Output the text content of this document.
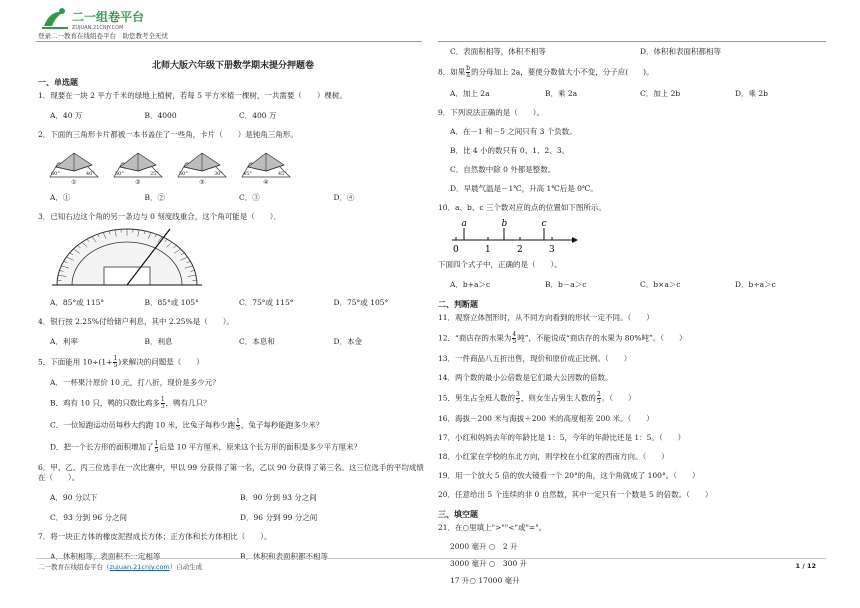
二一组卷平台
ZUJUAN.21CNJY.COM
登录二一教育在线组卷平台　助您教考全无忧
北师大版六年级下册数学期末提分押题卷
一、单选题
1．现要在一块 2 平方千米的绿地上植树，若每 5 平方米植一棵树，一共需要（　　）棵树。
A．40 万	B．4000	C．400 万
2．下面的三角形卡片都被一本书盖住了一些角，卡片（　　）是钝角三角形。
60°	40°
①
50°	25°
②
50°	30°
③
45°	45°
④
A．①	B．②	C．③	D．④
3．已知右边这个角的另一条边与 0 刻度线重合，这个角可能是（　　）．
A．85°或 115°	B．85°或 105°	C．75°或 115°	D．75°或 105°
4．银行按 2.25%付给储户利息，其中 2.25%是（　　）。
A．利率	B．利息	C．本息和	D．本金
5．下面能用 $10\div(1+ \frac{1}{5}$ )来解决的问题是（　　）
A．一杯果汁原价 10 元，打八折，现价是多少元？
B．鸡有 10 只，鸭的只数比鸡多 $\frac{1}{5}$ ，鸭有几只？
C．一位短跑运动员每秒大约跑 10 米，比兔子每秒少跑 $\frac{1}{5}$ ，兔子每秒能跑多少米？
D．把一个长方形的面积增加了 $\frac{1}{5}$ 后是 10 平方厘米，原来这个长方形的面积是多少平方厘米？
6．甲、乙、丙三位选手在一次比赛中，甲以 99 分获得了第一名，乙以 90 分获得了第三名。这三位选手的平均成绩在（　　）。
A．90 分以下	B．90 分到 93 分之间
C．93 分到 96 分之间	D．96 分到 99 分之间
7．将一块正方体的橡皮泥捏成长方体；正方体和长方体相比（　　）。
A．体积相等，表面积不一定相等	B．体积和表面积都不相等
C．表面积相等，体积不相等	D．体积和表面积都相等
8．如果 $\frac{b}{a}$ 的分母加上 2a，要使分数值大小不变，分子应(　　)。
A．加上 2a	B．乘 2a	C．加上 2b	D．乘 2b
9．下列说法正确的是（　　）。
A．在－1 和－5 之间只有 3 个负数。
B．比 4 小的数只有 0、1、2、3。
C．自然数中除 0 外都是整数。
D．早晨气温是－1℃，升高 1℃后是 0℃。
10．a、b、c 三个数对应的点的位置如下图所示。
0	1	2	3
a	b	c
下面四个式子中，正确的是（　　）。
A．b+a＞c	B．b－a＞c	C．b×a＞c	D．b÷a＞c
二、判断题
11．观察立体图形时，从不同方向看到的形状一定不同。（　　）
12．“商店存的水果为 $\frac{4}{5}$ 吨”，不能说成“商店存的水果为 80%吨”。（　　）
13．一件商品八五折出售，现价和原价成正比例。（　　）
14．两个数的最小公倍数是它们最大公因数的倍数。
15．男生占全班人数的 $\frac{3}{5}$ ，则女生占男生人数的 $\frac{2}{5}$ 。（　　）
16．海拔－200 米与海拔＋200 米的高度相差 200 米。（　　）
17．小红和妈妈去年的年龄比是 1：5，今年的年龄比还是 1：5。（　　）
18．小红家在学校的东北方向，则学校在小红家的西南方向。（　　）
19．用一个放大 5 倍的放大镜看一个 20°的角，这个角就成了 100°。（　　）
20．任意给出 5 个连续的非 0 自然数，其中一定只有一个数是 5 的倍数。（　　）
三、填空题
21．在○里填上">""<"或"="。
2000 毫升 ○　2 升
3000 毫升 ○　300 升
17 升○ 17000 毫升
二一教育在线组卷平台（zujuan.21cnjy.com）自动生成	1 / 12
